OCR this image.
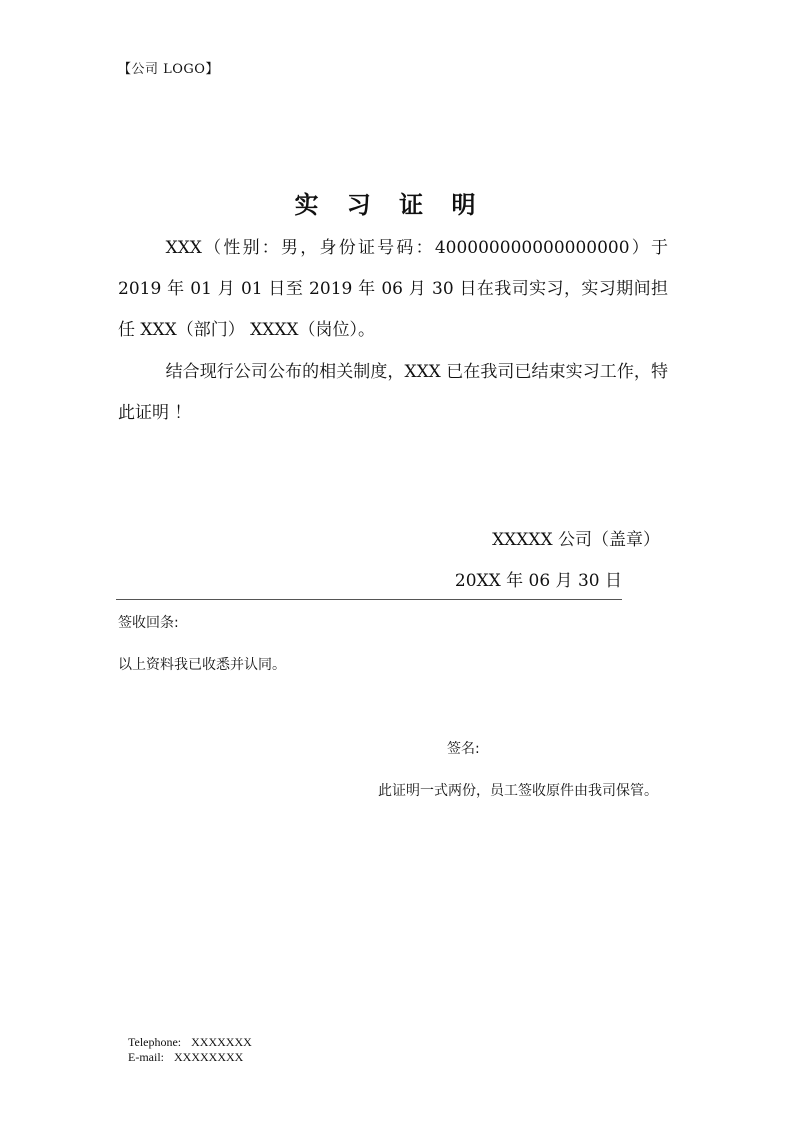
【公司 LOGO】
实 习 证 明

XXX（性别：男，身份证号码：400000000000000000）于 2019 年 01 月 01 日至 2019 年 06 月 30 日在我司实习，实习期间担任 XXX（部门） XXXX（岗位）。

结合现行公司公布的相关制度，XXX 已在我司已结束实习工作，特此证明 ！

XXXXX 公司（盖章）
20XX 年 06 月 30 日
签收回条:
以上资料我已收悉并认同。
签名:
此证明一式两份，员工签收原件由我司保管。
Telephone: XXXXXXX
E-mail: XXXXXXXX
